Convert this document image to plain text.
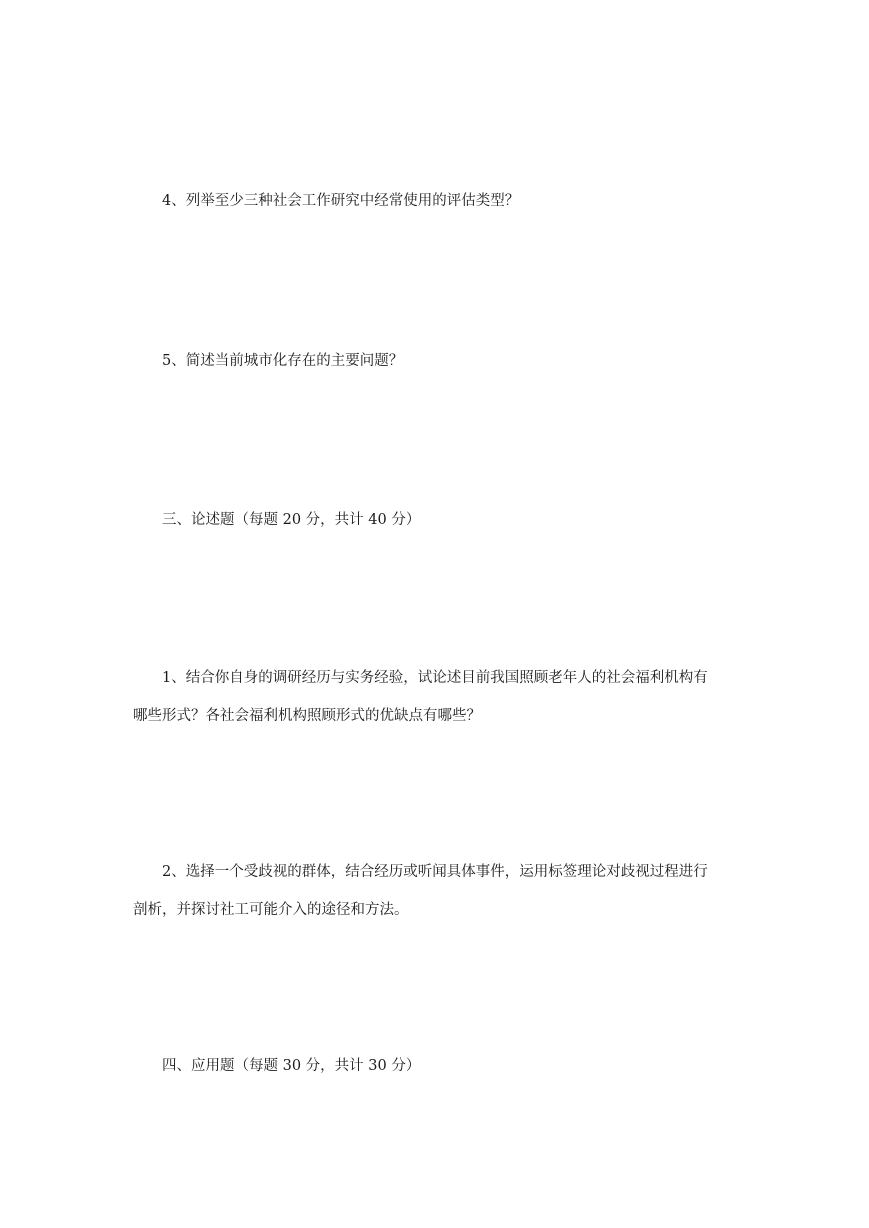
4、列举至少三种社会工作研究中经常使用的评估类型？
5、简述当前城市化存在的主要问题？
三、论述题（每题 20 分，共计 40 分）
1、结合你自身的调研经历与实务经验，试论述目前我国照顾老年人的社会福利机构有
哪些形式？各社会福利机构照顾形式的优缺点有哪些？
2、选择一个受歧视的群体，结合经历或听闻具体事件，运用标签理论对歧视过程进行
剖析，并探讨社工可能介入的途径和方法。
四、应用题（每题 30 分，共计 30 分）
